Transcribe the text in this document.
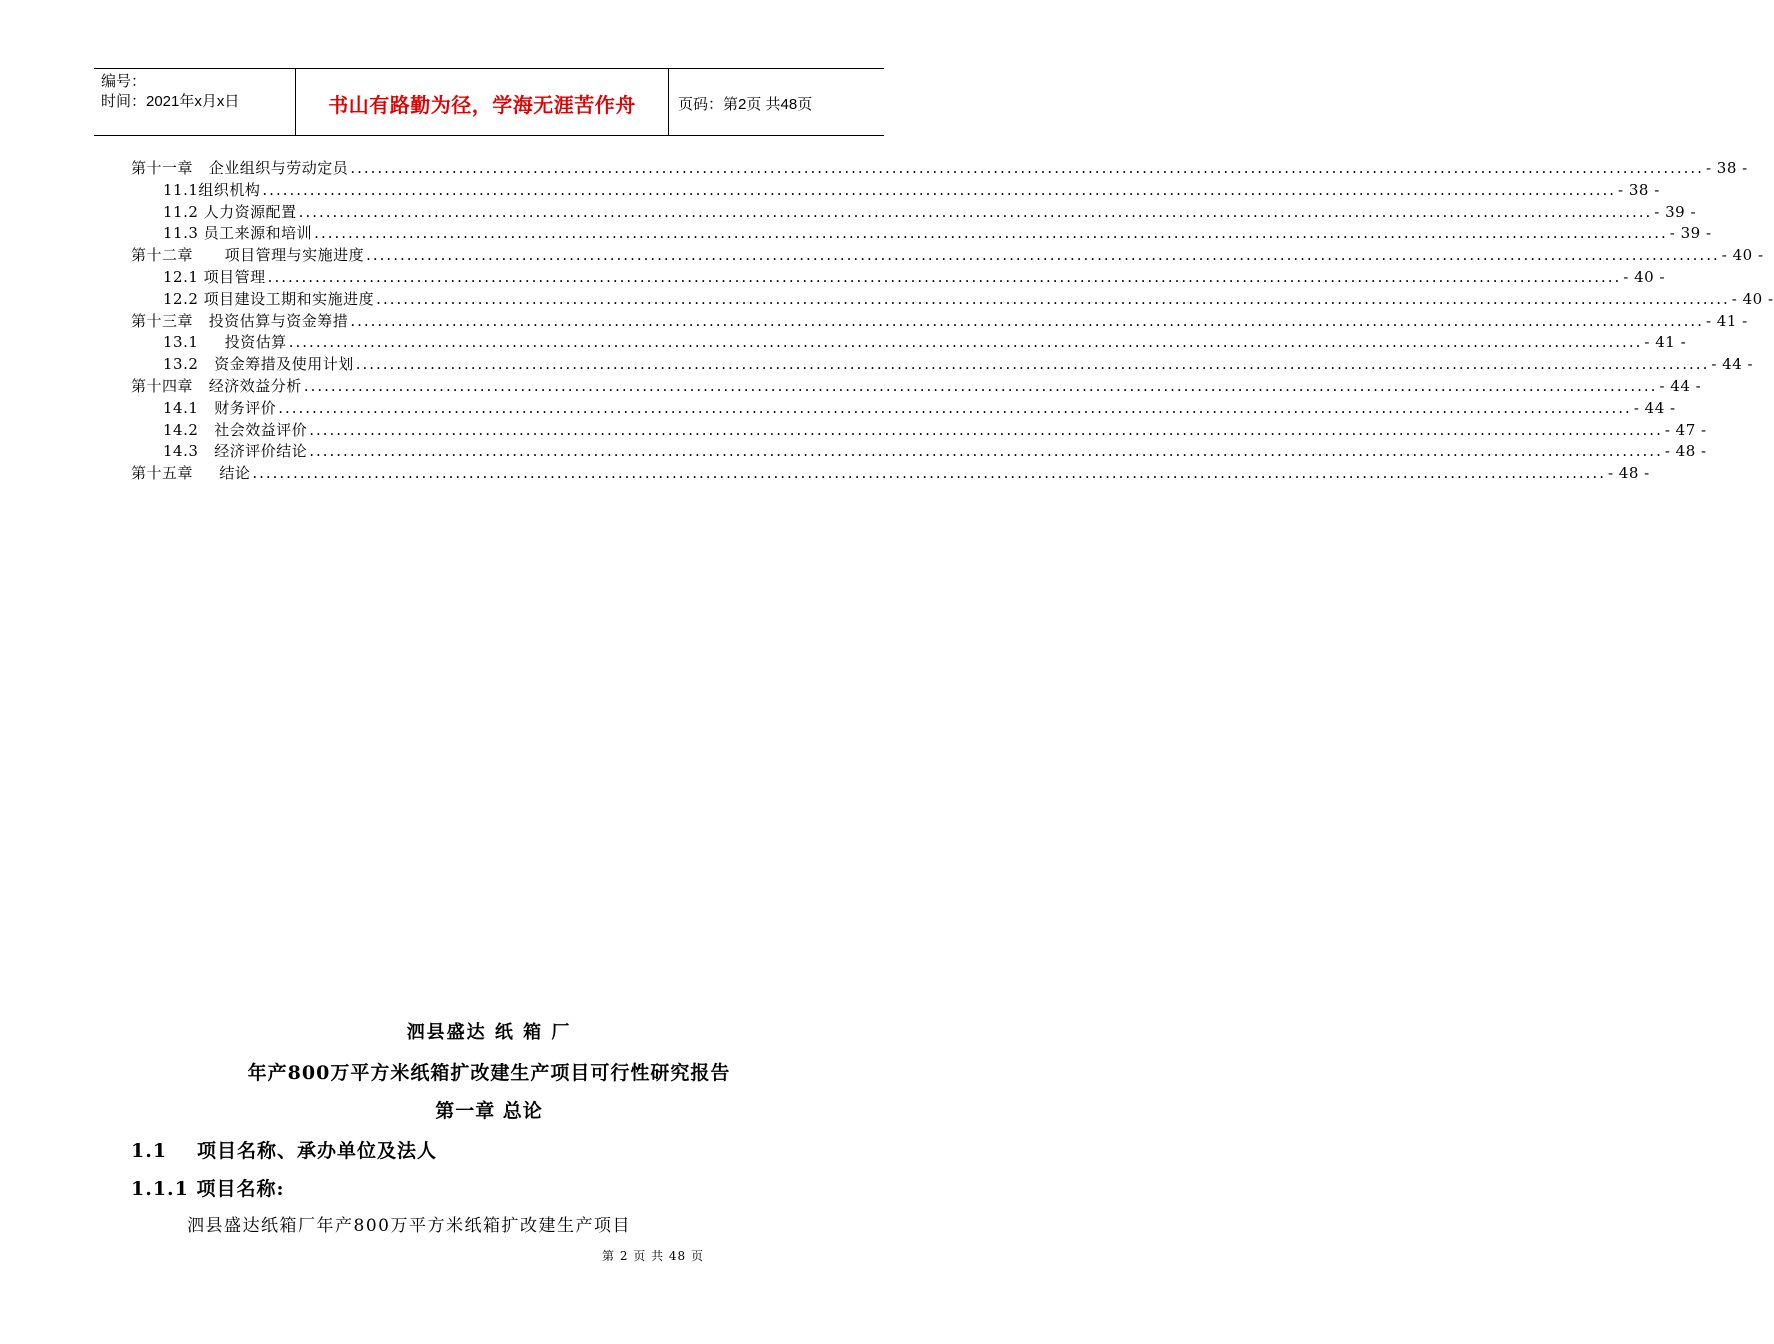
编号：
时间：2021年x月x日	书山有路勤为径，学海无涯苦作舟	页码：第2页 共48页
第十一章   企业组织与劳动定员 ........................................................................................................................................................................................................ - 38 -
11.1组织机构 ........................................................................................................................................................................................................ - 38 -
11.2 人力资源配置 ........................................................................................................................................................................................................ - 39 -
11.3 员工来源和培训 ........................................................................................................................................................................................................ - 39 -
第十二章      项目管理与实施进度 ........................................................................................................................................................................................................ - 40 -
12.1 项目管理 ........................................................................................................................................................................................................ - 40 -
12.2 项目建设工期和实施进度 ........................................................................................................................................................................................................ - 40 -
第十三章   投资估算与资金筹措 ........................................................................................................................................................................................................ - 41 -
13.1     投资估算 ........................................................................................................................................................................................................ - 41 -
13.2   资金筹措及使用计划 ........................................................................................................................................................................................................ - 44 -
第十四章   经济效益分析 ........................................................................................................................................................................................................ - 44 -
14.1   财务评价 ........................................................................................................................................................................................................ - 44 -
14.2   社会效益评价 ........................................................................................................................................................................................................ - 47 -
14.3   经济评价结论 ........................................................................................................................................................................................................ - 48 -
第十五章     结论 ........................................................................................................................................................................................................ - 48 -
泗县盛达 纸 箱 厂
年产800万平方米纸箱扩改建生产项目可行性研究报告
第一章 总论
1.1 项目名称、承办单位及法人
1.1.1 项目名称:
泗县盛达纸箱厂年产800万平方米纸箱扩改建生产项目
第 2 页 共 48 页
